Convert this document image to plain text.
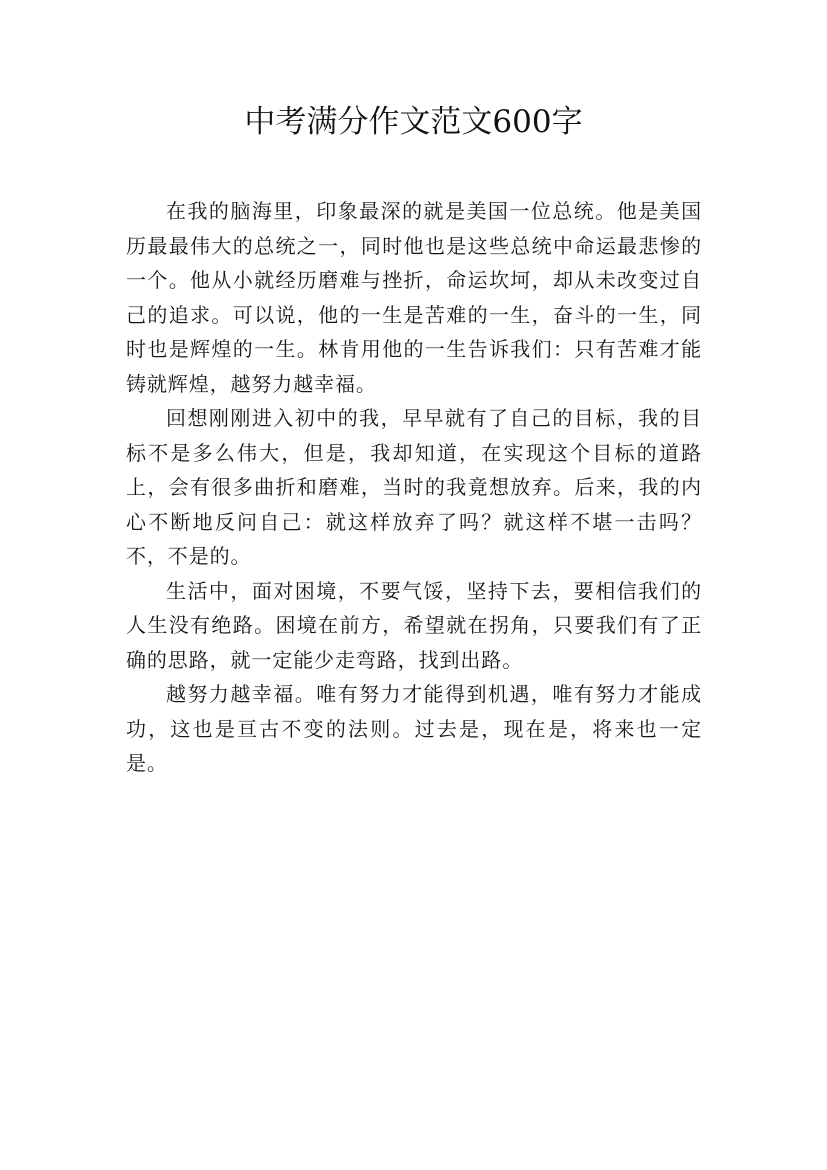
中考满分作文范文600字

在我的脑海里，印象最深的就是美国一位总统。他是美国历最最伟大的总统之一，同时他也是这些总统中命运最悲惨的一个。他从小就经历磨难与挫折，命运坎坷，却从未改变过自己的追求。可以说，他的一生是苦难的一生，奋斗的一生，同时也是辉煌的一生。林肯用他的一生告诉我们：只有苦难才能铸就辉煌，越努力越幸福。

回想刚刚进入初中的我，早早就有了自己的目标，我的目标不是多么伟大，但是，我却知道，在实现这个目标的道路上，会有很多曲折和磨难，当时的我竟想放弃。后来，我的内心不断地反问自己：就这样放弃了吗？就这样不堪一击吗？不，不是的。

生活中，面对困境，不要气馁，坚持下去，要相信我们的人生没有绝路。困境在前方，希望就在拐角，只要我们有了正确的思路，就一定能少走弯路，找到出路。

越努力越幸福。唯有努力才能得到机遇，唯有努力才能成功，这也是亘古不变的法则。过去是，现在是，将来也一定是。
